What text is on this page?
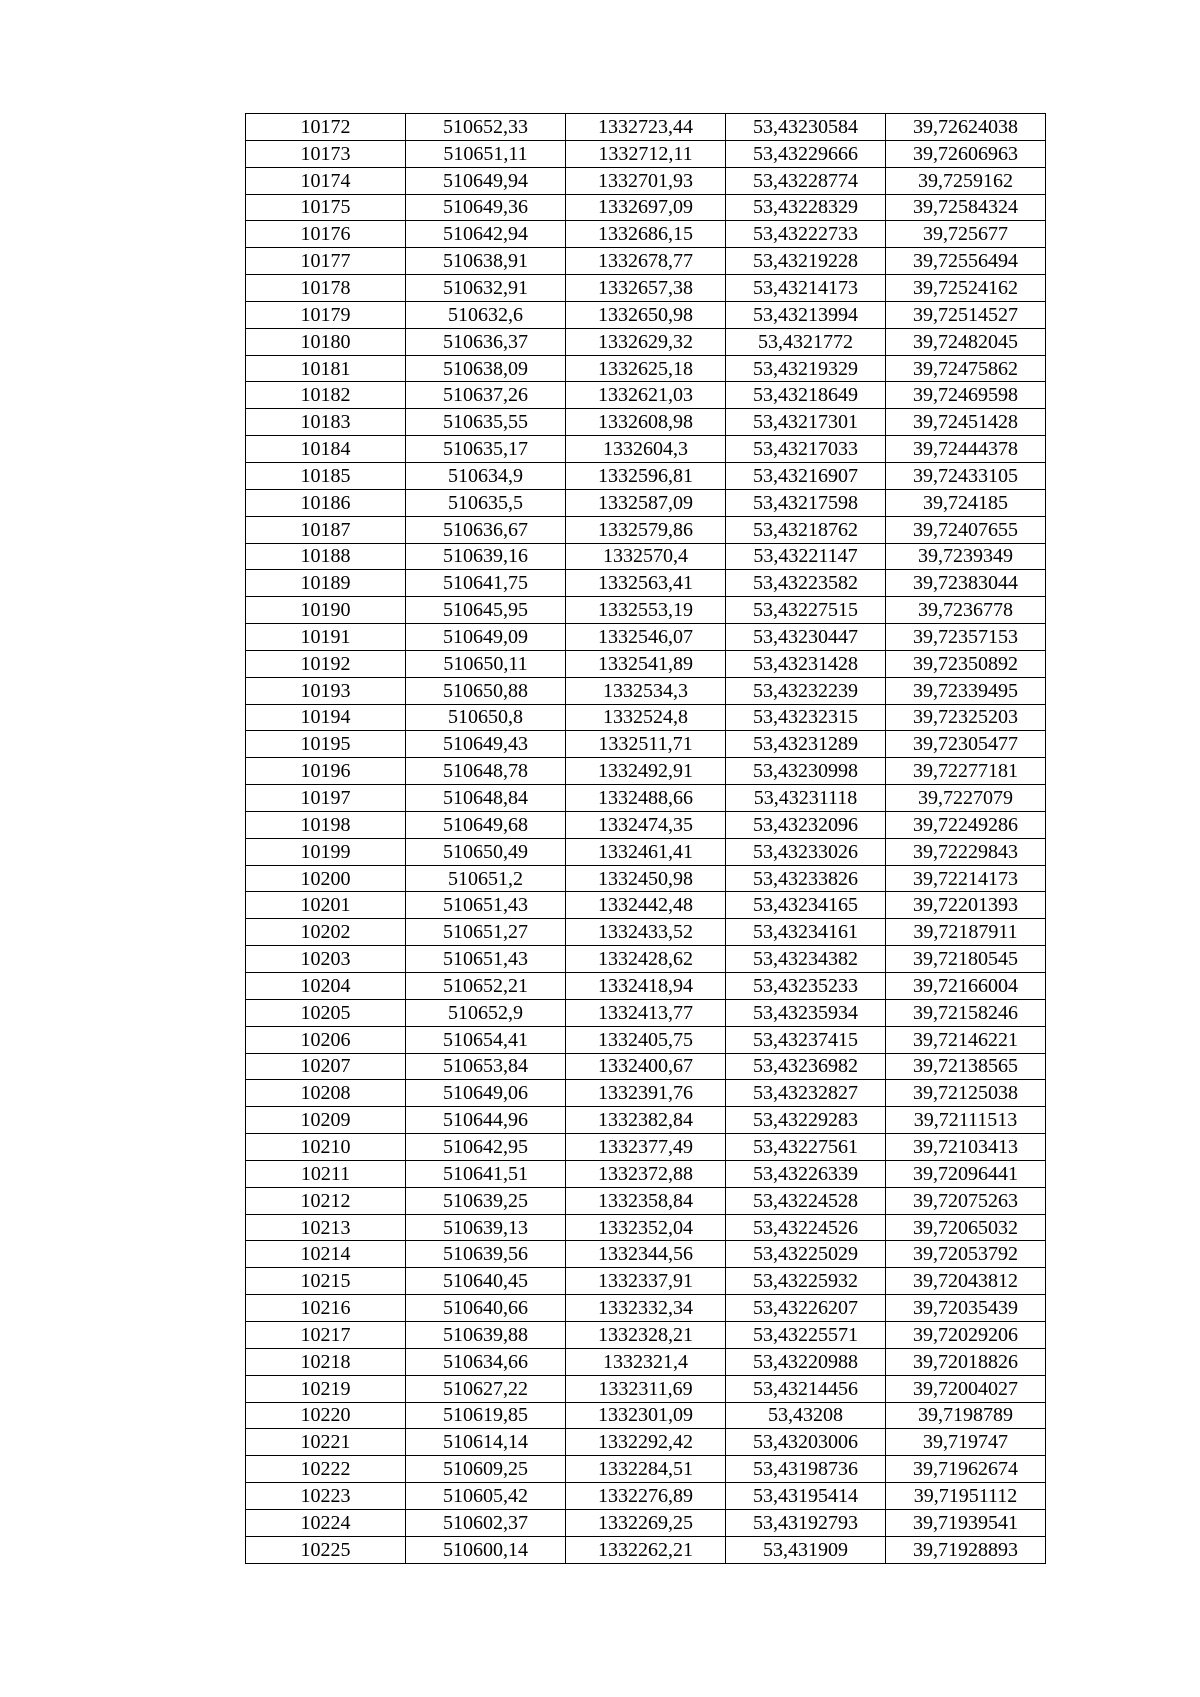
10172	510652,33	1332723,44	53,43230584	39,72624038
10173	510651,11	1332712,11	53,43229666	39,72606963
10174	510649,94	1332701,93	53,43228774	39,7259162
10175	510649,36	1332697,09	53,43228329	39,72584324
10176	510642,94	1332686,15	53,43222733	39,725677
10177	510638,91	1332678,77	53,43219228	39,72556494
10178	510632,91	1332657,38	53,43214173	39,72524162
10179	510632,6	1332650,98	53,43213994	39,72514527
10180	510636,37	1332629,32	53,4321772	39,72482045
10181	510638,09	1332625,18	53,43219329	39,72475862
10182	510637,26	1332621,03	53,43218649	39,72469598
10183	510635,55	1332608,98	53,43217301	39,72451428
10184	510635,17	1332604,3	53,43217033	39,72444378
10185	510634,9	1332596,81	53,43216907	39,72433105
10186	510635,5	1332587,09	53,43217598	39,724185
10187	510636,67	1332579,86	53,43218762	39,72407655
10188	510639,16	1332570,4	53,43221147	39,7239349
10189	510641,75	1332563,41	53,43223582	39,72383044
10190	510645,95	1332553,19	53,43227515	39,7236778
10191	510649,09	1332546,07	53,43230447	39,72357153
10192	510650,11	1332541,89	53,43231428	39,72350892
10193	510650,88	1332534,3	53,43232239	39,72339495
10194	510650,8	1332524,8	53,43232315	39,72325203
10195	510649,43	1332511,71	53,43231289	39,72305477
10196	510648,78	1332492,91	53,43230998	39,72277181
10197	510648,84	1332488,66	53,43231118	39,7227079
10198	510649,68	1332474,35	53,43232096	39,72249286
10199	510650,49	1332461,41	53,43233026	39,72229843
10200	510651,2	1332450,98	53,43233826	39,72214173
10201	510651,43	1332442,48	53,43234165	39,72201393
10202	510651,27	1332433,52	53,43234161	39,72187911
10203	510651,43	1332428,62	53,43234382	39,72180545
10204	510652,21	1332418,94	53,43235233	39,72166004
10205	510652,9	1332413,77	53,43235934	39,72158246
10206	510654,41	1332405,75	53,43237415	39,72146221
10207	510653,84	1332400,67	53,43236982	39,72138565
10208	510649,06	1332391,76	53,43232827	39,72125038
10209	510644,96	1332382,84	53,43229283	39,72111513
10210	510642,95	1332377,49	53,43227561	39,72103413
10211	510641,51	1332372,88	53,43226339	39,72096441
10212	510639,25	1332358,84	53,43224528	39,72075263
10213	510639,13	1332352,04	53,43224526	39,72065032
10214	510639,56	1332344,56	53,43225029	39,72053792
10215	510640,45	1332337,91	53,43225932	39,72043812
10216	510640,66	1332332,34	53,43226207	39,72035439
10217	510639,88	1332328,21	53,43225571	39,72029206
10218	510634,66	1332321,4	53,43220988	39,72018826
10219	510627,22	1332311,69	53,43214456	39,72004027
10220	510619,85	1332301,09	53,43208	39,7198789
10221	510614,14	1332292,42	53,43203006	39,719747
10222	510609,25	1332284,51	53,43198736	39,71962674
10223	510605,42	1332276,89	53,43195414	39,71951112
10224	510602,37	1332269,25	53,43192793	39,71939541
10225	510600,14	1332262,21	53,431909	39,71928893
